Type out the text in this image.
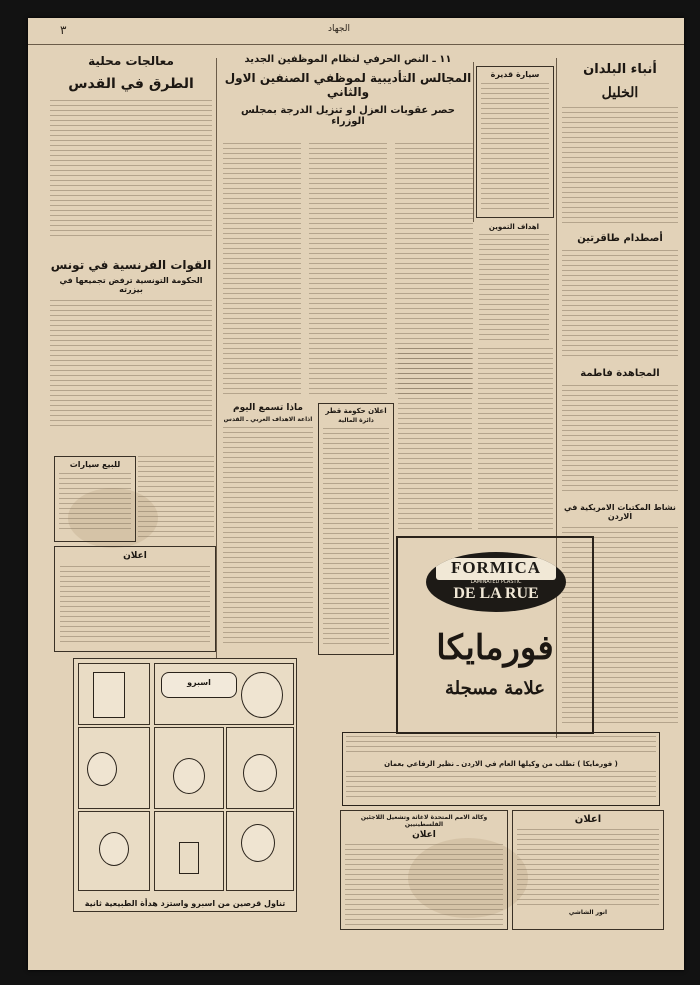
٣	الجهاد
أنباء البلدان
الخليل
أصطدام طاقرتين
المجاهدة فاطمة
نشاط المكتبات الامريكية في الاردن
١١ ـ النص الحرفي لنظام الموظفين الجديد
المجالس التأديبية لموظفي الصنفين الاول والثاني
حصر عقوبات العزل او تنزيل الدرجة بمجلس الوزراء
سيارة قديرة
اهداف التموين
ماذا تسمع اليوم
اذاعة الاهداف العربي ـ القدس
اعلان حكومة قطر
دائرة المالية
معالجات محلية
الطرق في القدس
القوات الفرنسية في تونس
الحكومة التونسية ترفض تجميعها في بيزرته
للبيع سيارات
اعلان
FORMICA
LAMINATED PLASTIC
DE LA RUE
فورمايكا
علامة مسجلة
( فورمايكا ) تطلب من وكيلها العام في الاردن ـ نظير الرفاعي بعمان
وكالة الامم المتحدة لاغاثة وتشغيل اللاجئين الفلسطينيين
اعلان
اعلان
انور الشاشي
اسبرو
تناول قرصين من اسبرو واستزد هدأة الطبيعية ثانية
